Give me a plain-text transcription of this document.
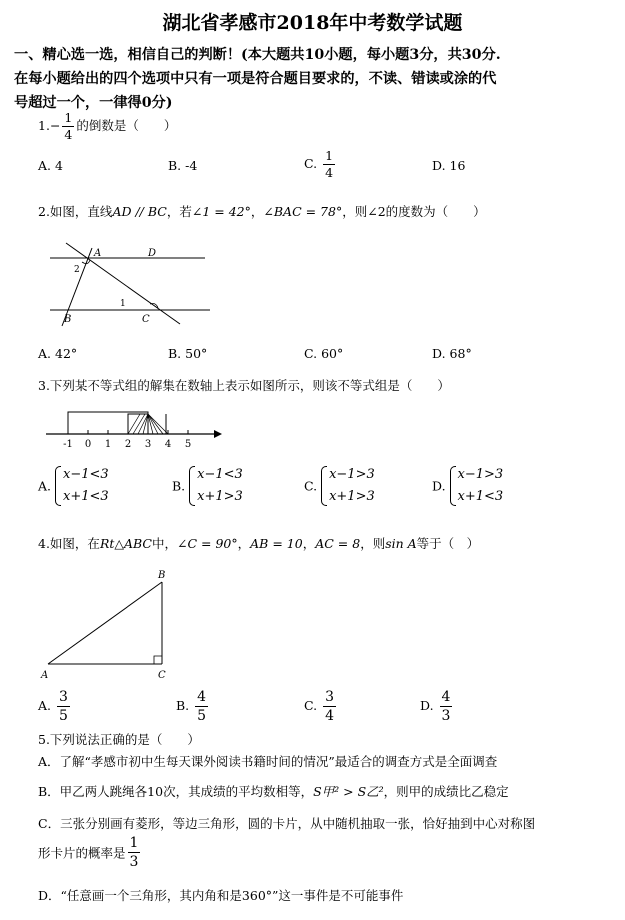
湖北省孝感市2018年中考数学试题
一、精心选一选，相信自己的判断！(本大题共10小题，每小题3分，共30分.
在每小题给出的四个选项中只有一项是符合题目要求的，不读、错读或涂的代
号超过一个，一律得0分)
$1.- \frac{1}{4}$ 的倒数是（　　）
A. 4	B. -4	C. $\frac{1}{4}$	D. 16
2.如图，直线AD // BC，若∠1 = 42°，∠BAC = 78°，则∠2的度数为（　　）
A	D
B	C
2
1
A. 42°	B. 50°	C. 60°	D. 68°
3.下列某不等式组的解集在数轴上表示如图所示，则该不等式组是（　　）
-1 0 1 2 3 4 5
A.
x−1<3
x+1<3
B.
x−1<3
x+1>3
C.
x−1>3
x+1>3
D.
x−1>3
x+1<3
4.如图，在Rt△ABC中，∠C = 90°，AB = 10，AC = 8，则sin A等于（　）
A
B
C
A. $\frac{3}{5}$	B. $\frac{4}{5}$	C. $\frac{3}{4}$	D. $\frac{4}{3}$
5.下列说法正确的是（　　）
A．了解“孝感市初中生每天课外阅读书籍时间的情况”最适合的调查方式是全面调查
B．甲乙两人跳绳各10次，其成绩的平均数相等，S甲² > S乙²，则甲的成绩比乙稳定
C．三张分别画有菱形，等边三角形，圆的卡片，从中随机抽取一张，恰好抽到中心对称图
形卡片的概率是 $\frac{1}{3}$
D．“任意画一个三角形，其内角和是360°”这一事件是不可能事件
